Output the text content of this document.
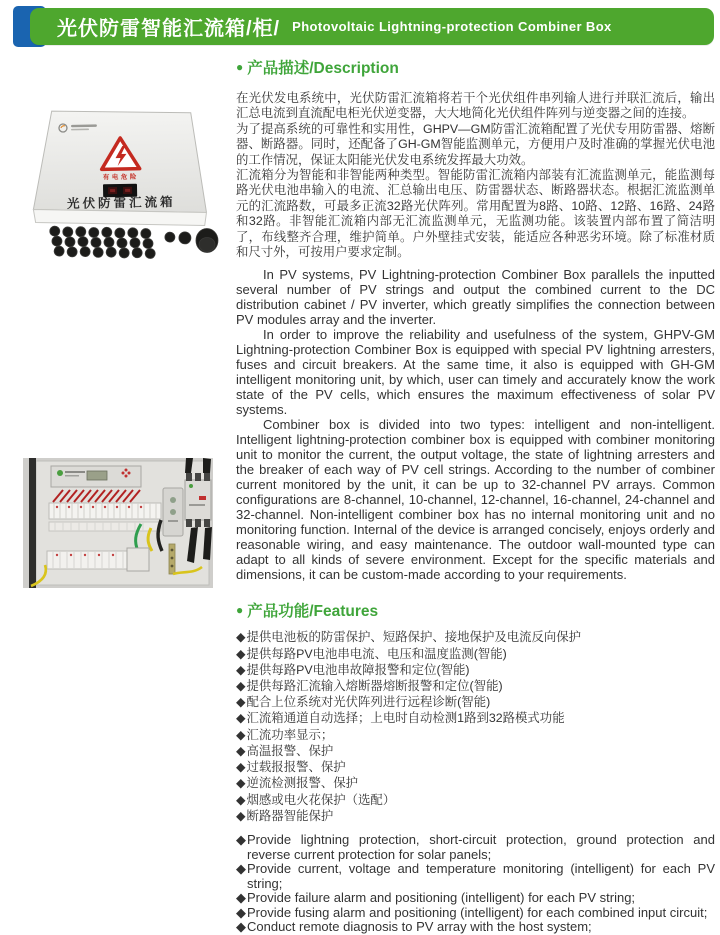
光伏防雷智能汇流箱/柜/ Photovoltaic Lightning-protection Combiner Box
有电危险
光伏防雷汇流箱
● 产品描述/Description

在光伏发电系统中，光伏防雷汇流箱将若干个光伏组件串列输人进行并联汇流后，输出汇总电流到直流配电柜光伏逆变器，大大地简化光伏组件阵列与逆变器之间的连接。

为了提高系统的可靠性和实用性，GHPV—GM防雷汇流箱配置了光伏专用防雷器、熔断器、断路器。同时，还配备了GH-GM智能监测单元，方便用户及时准确的掌握光伏电池的工作情况，保证太阳能光伏发电系统发挥最大功效。

汇流箱分为智能和非智能两种类型。智能防雷汇流箱内部装有汇流监测单元，能监测每路光伏电池串输入的电流、汇总输出电压、防雷器状态、断路器状态。根据汇流监测单元的汇流路数，可最多正流32路光伏阵列。常用配置为8路、10路、12路、16路、24路和32路。非智能汇流箱内部无汇流监测单元，无监测功能。该装置内部布置了简洁明了，布线整齐合理，维护简单。户外壁挂式安装，能适应各种恶劣环境。除了标准材质和尺寸外，可按用户要求定制。

In PV systems, PV Lightning-protection Combiner Box parallels the inputted several number of PV strings and output the combined current to the DC distribution cabinet / PV inverter, which greatly simplifies the connection between PV modules array and the inverter.

In order to improve the reliability and usefulness of the system, GHPV-GM Lightning-protection Combiner Box is equipped with special PV lightning arresters, fuses and circuit breakers. At the same time, it also is equipped with GH-GM intelligent monitoring unit, by which, user can timely and accurately know the work state of the PV cells, which ensures the maximum effectiveness of solar PV systems.

Combiner box is divided into two types: intelligent and non-intelligent. Intelligent lightning-protection combiner box is equipped with combiner monitoring unit to monitor the current, the output voltage, the state of lightning arresters and the breaker of each way of PV cell strings. According to the number of combiner current monitored by the unit, it can be up to 32-channel PV arrays. Common configurations are 8-channel, 10-channel, 12-channel, 16-channel, 24-channel and 32-channel. Non-intelligent combiner box has no internal monitoring unit and no monitoring function. Internal of the device is arranged concisely, enjoys orderly and reasonable wiring, and easy maintenance. The outdoor wall-mounted type can adapt to all kinds of severe environment. Except for the specific materials and dimensions, it can be custom-made according to your requirements.

● 产品功能/Features
◆ 提供电池板的防雷保护、短路保护、接地保护及电流反向保护
◆ 提供每路PV电池串电流、电压和温度监测(智能)
◆ 提供每路PV电池串故障报警和定位(智能)
◆ 提供每路汇流输入熔断器熔断报警和定位(智能)
◆ 配合上位系统对光伏阵列进行远程诊断(智能)
◆ 汇流箱通道自动选择；上电时自动检测1路到32路模式功能
◆ 汇流功率显示；
◆ 高温报警、保护
◆ 过载报报警、保护
◆ 逆流检测报警、保护
◆ 烟感或电火花保护（选配）
◆ 断路器智能保护
◆ Provide lightning protection, short-circuit protection, ground protection and reverse current protection for solar panels;
◆ Provide current, voltage and temperature monitoring (intelligent) for each PV string;
◆ Provide failure alarm and positioning (intelligent) for each PV string;
◆ Provide fusing alarm and positioning (intelligent) for each combined input circuit;
◆ Conduct remote diagnosis to PV array with the host system;
